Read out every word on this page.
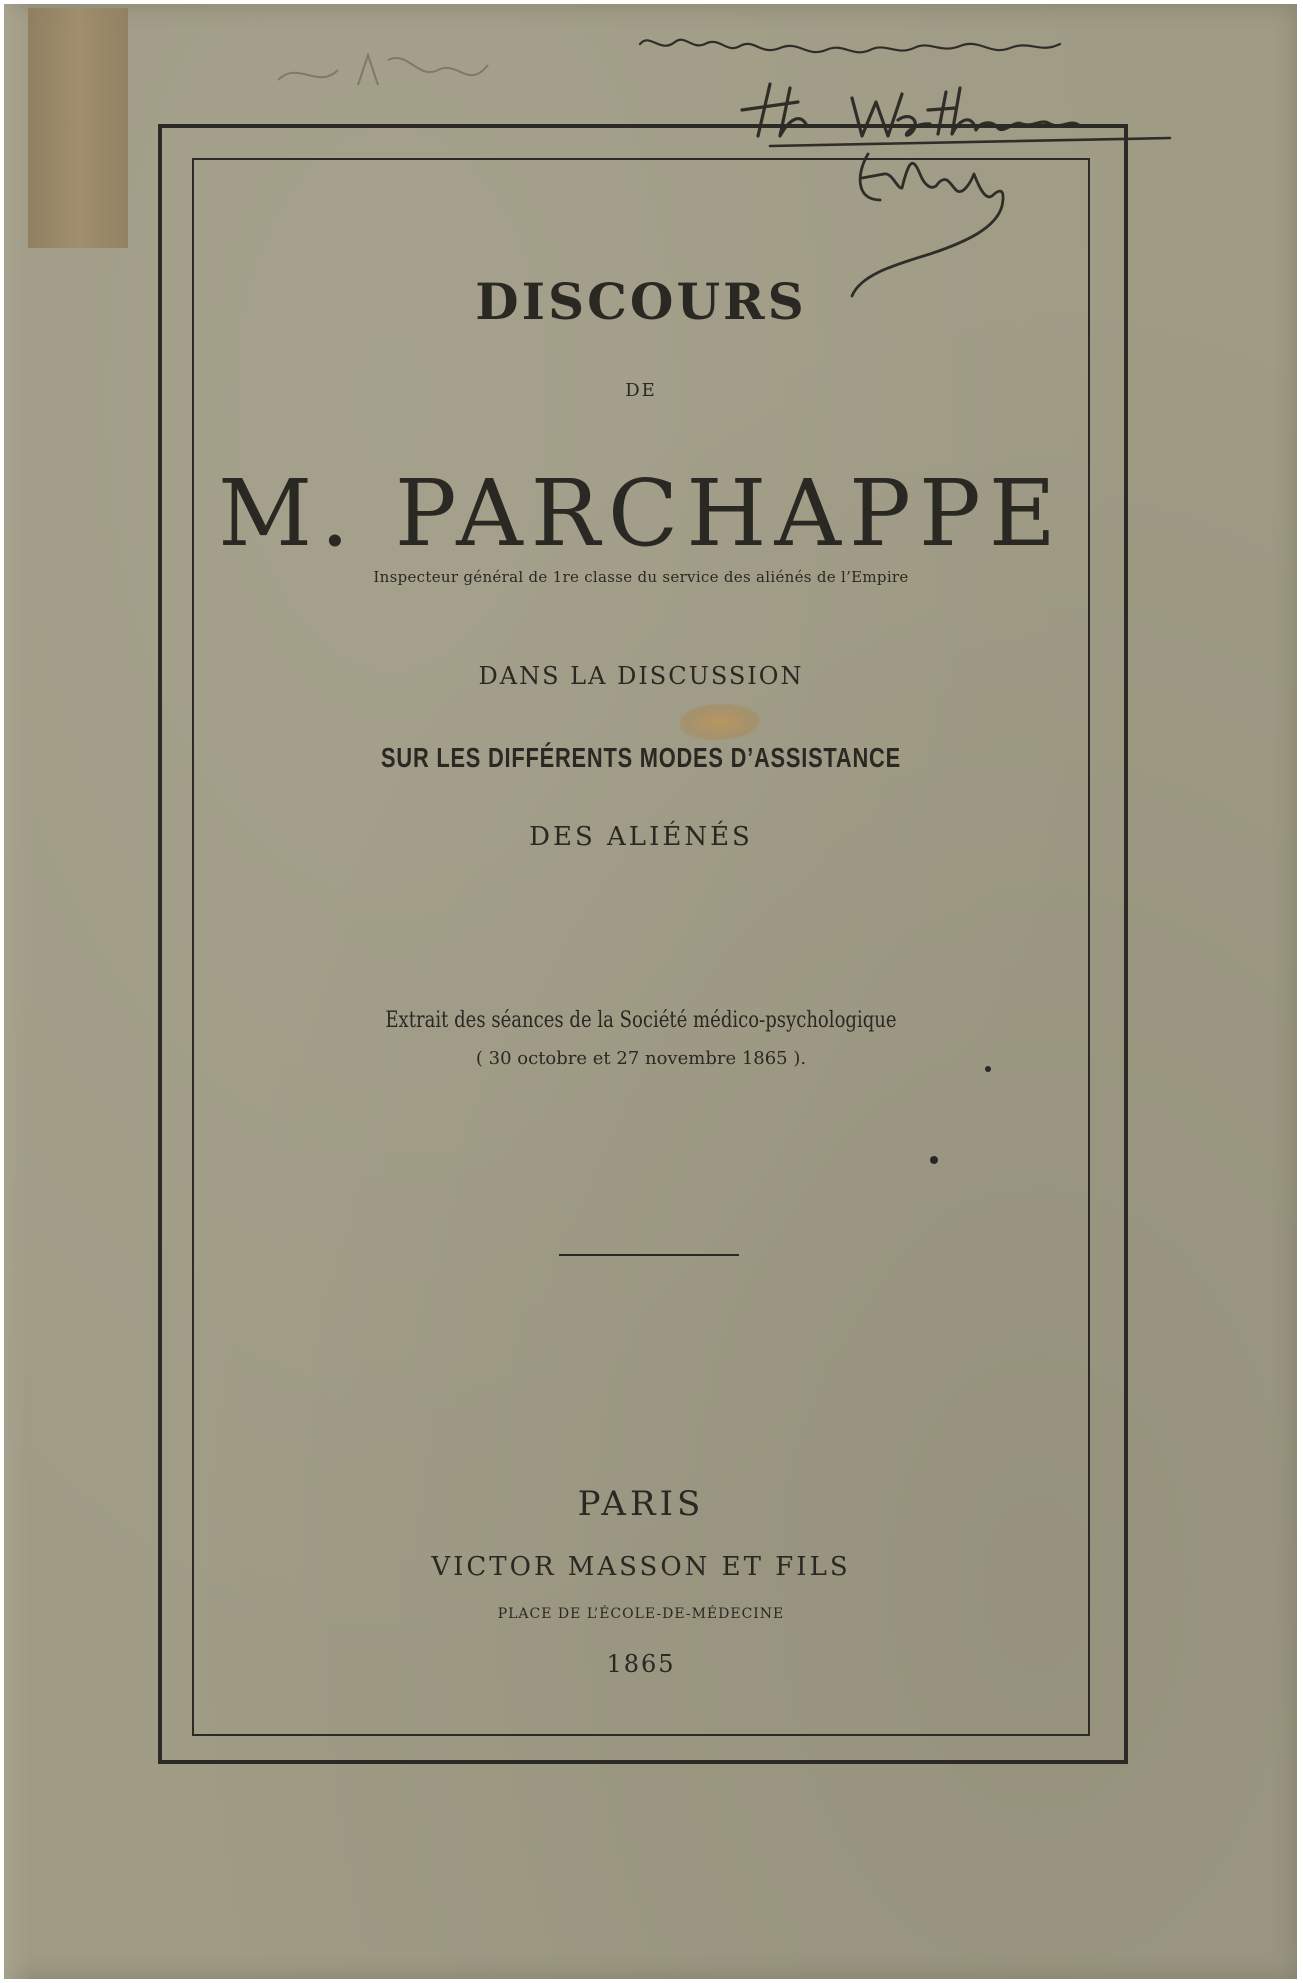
DISCOURS
DE
M. PARCHAPPE
Inspecteur général de 1re classe du service des aliénés de l’Empire
DANS LA DISCUSSION
SUR LES DIFFÉRENTS MODES D’ASSISTANCE
DES ALIÉNÉS
Extrait des séances de la Société médico-psychologique
( 30 octobre et 27 novembre 1865 ).
PARIS
VICTOR MASSON ET FILS
PLACE DE L’ÉCOLE-DE-MÉDECINE
1865
